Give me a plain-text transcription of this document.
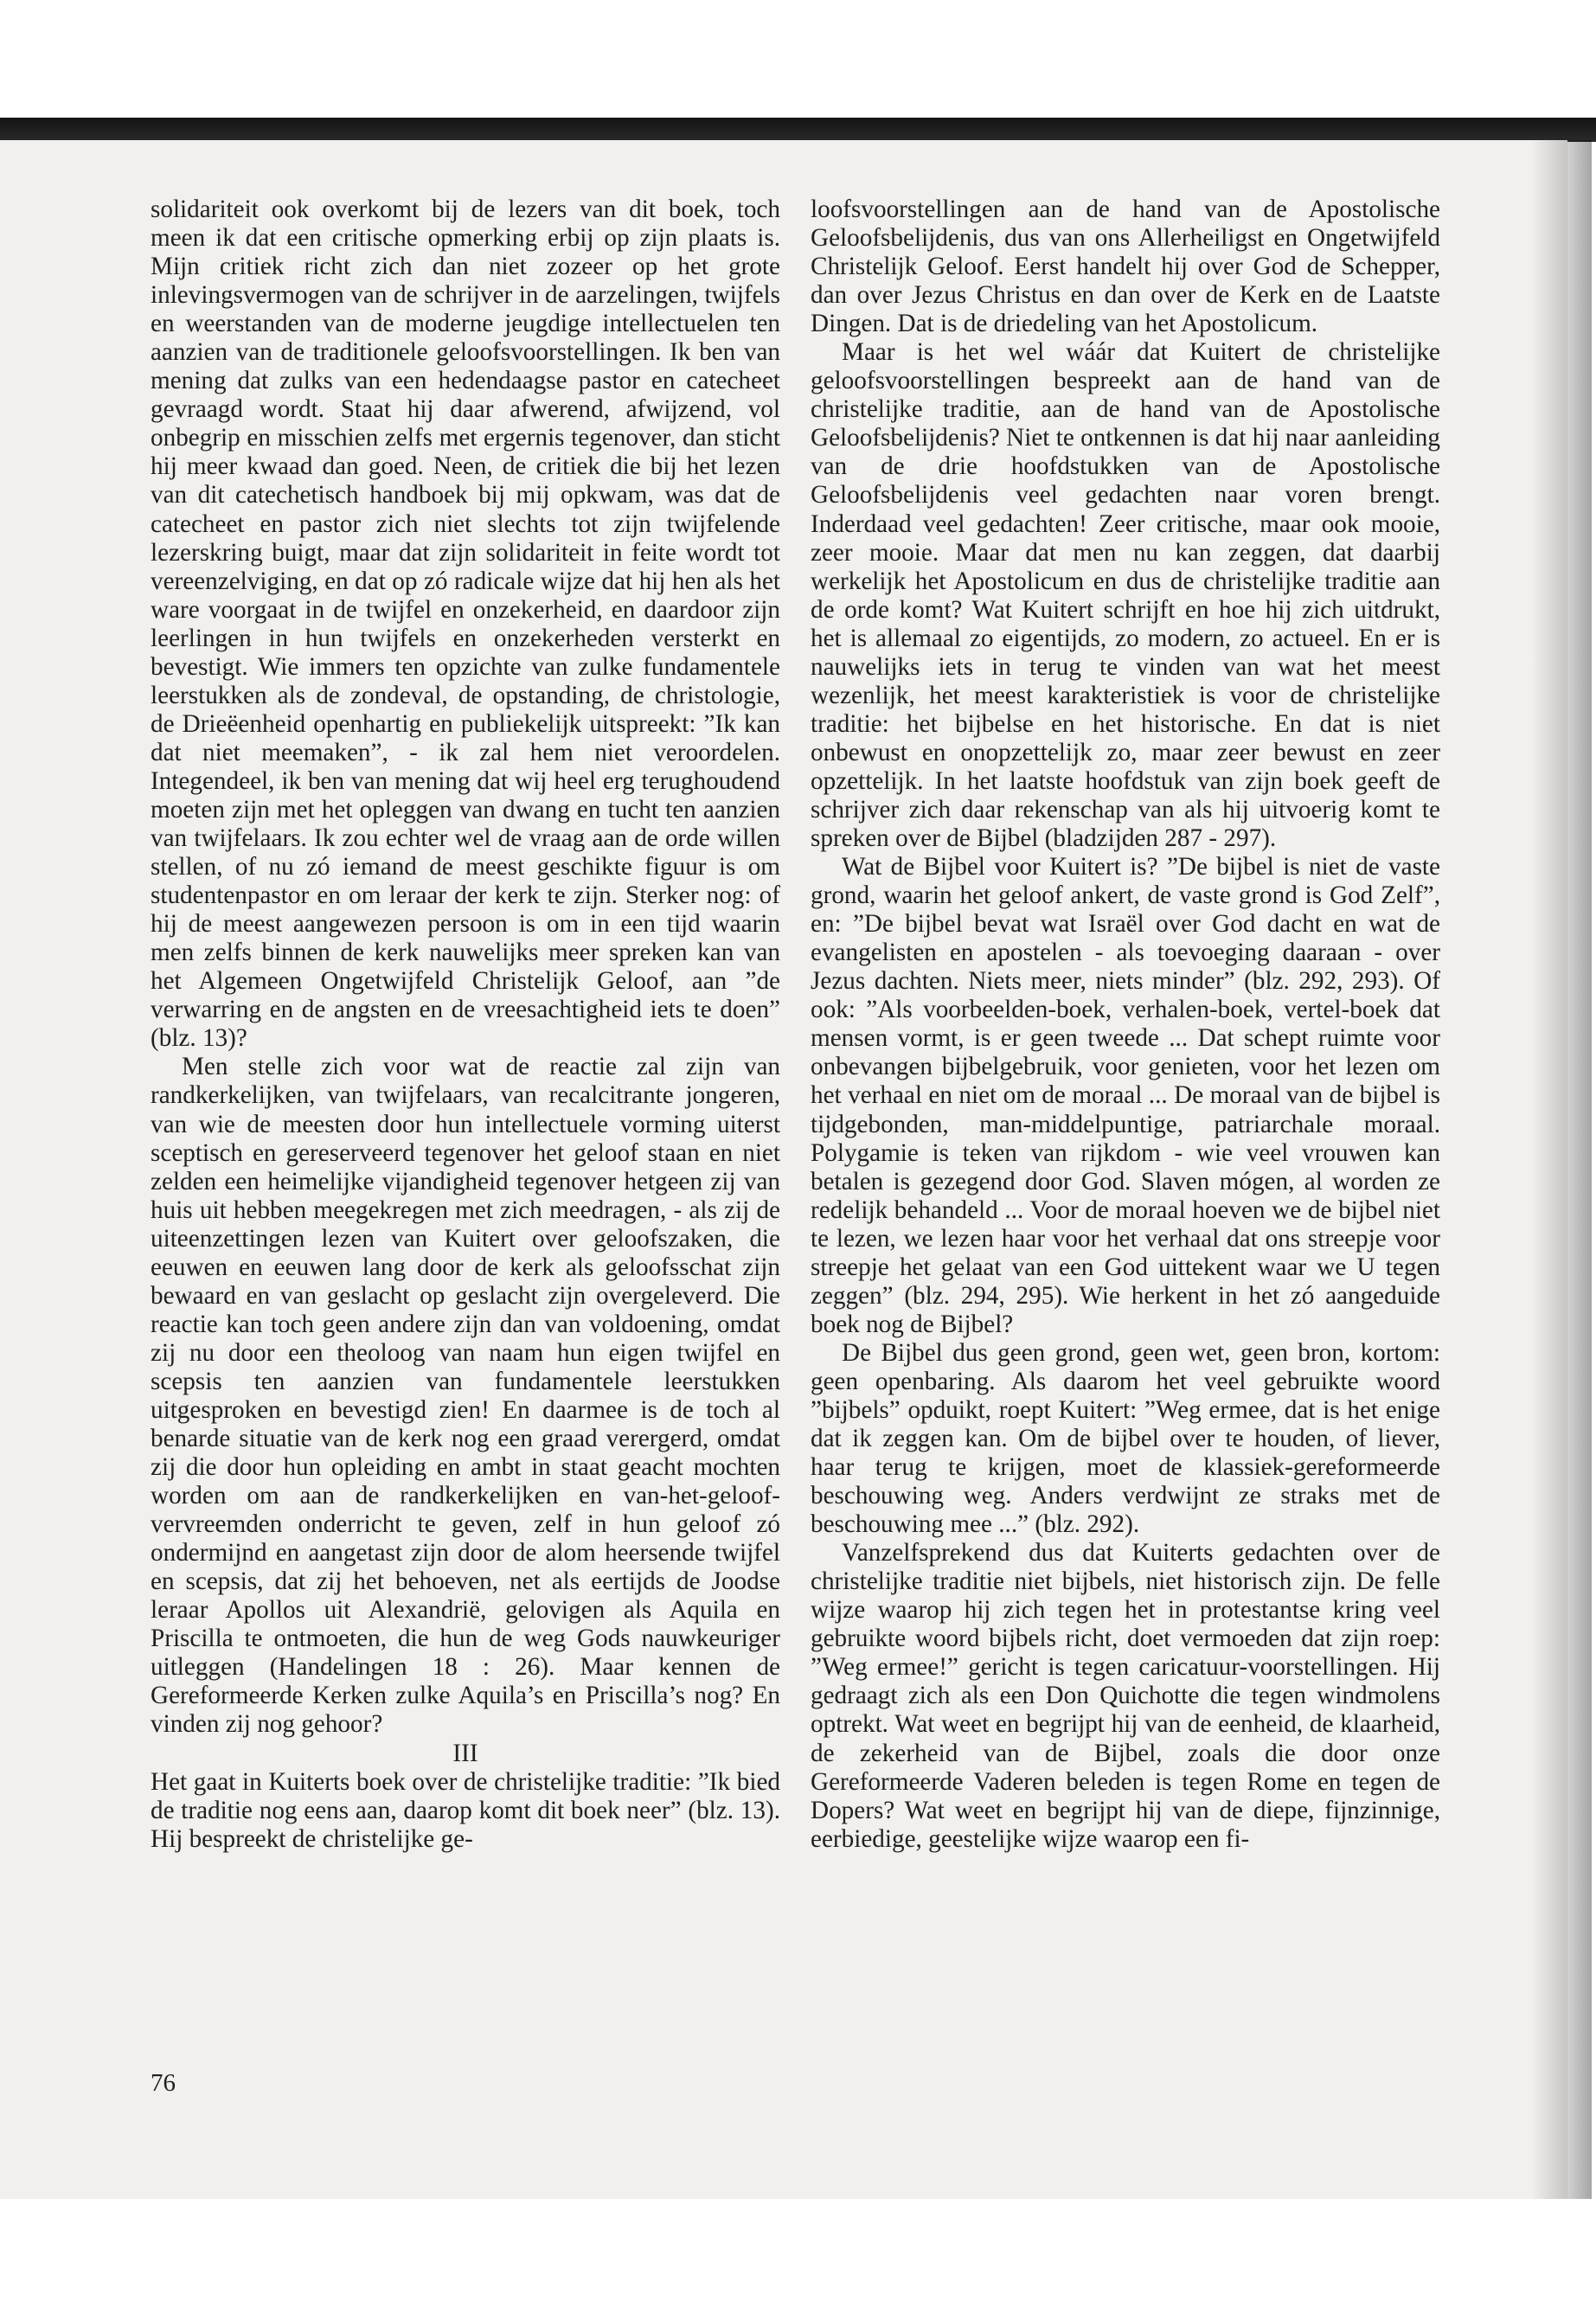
solidariteit ook overkomt bij de lezers van dit boek, toch meen ik dat een critische opmerking erbij op zijn plaats is. Mijn critiek richt zich dan niet zozeer op het grote inlevingsvermogen van de schrijver in de aarzelingen, twijfels en weerstanden van de moderne jeugdige intellectuelen ten aanzien van de traditionele geloofsvoorstellingen. Ik ben van mening dat zulks van een hedendaagse pastor en catecheet gevraagd wordt. Staat hij daar afwerend, afwijzend, vol onbegrip en misschien zelfs met ergernis tegenover, dan sticht hij meer kwaad dan goed. Neen, de critiek die bij het lezen van dit catechetisch handboek bij mij opkwam, was dat de catecheet en pastor zich niet slechts tot zijn twijfelende lezerskring buigt, maar dat zijn solidariteit in feite wordt tot vereenzelviging, en dat op zó radicale wijze dat hij hen als het ware voorgaat in de twijfel en onzekerheid, en daardoor zijn leerlingen in hun twijfels en onzekerheden versterkt en bevestigt. Wie immers ten opzichte van zulke fundamentele leerstukken als de zondeval, de opstanding, de christologie, de Drieëenheid openhartig en publiekelijk uitspreekt: ”Ik kan dat niet meemaken”, - ik zal hem niet veroordelen. Integendeel, ik ben van mening dat wij heel erg terughoudend moeten zijn met het opleggen van dwang en tucht ten aanzien van twijfelaars. Ik zou echter wel de vraag aan de orde willen stellen, of nu zó iemand de meest geschikte figuur is om studentenpastor en om leraar der kerk te zijn. Sterker nog: of hij de meest aangewezen persoon is om in een tijd waarin men zelfs binnen de kerk nauwelijks meer spreken kan van het Algemeen Ongetwijfeld Christelijk Geloof, aan ”de verwarring en de angsten en de vreesachtigheid iets te doen” (blz. 13)?

Men stelle zich voor wat de reactie zal zijn van randkerkelijken, van twijfelaars, van recalcitrante jongeren, van wie de meesten door hun intellectuele vorming uiterst sceptisch en gereserveerd tegenover het geloof staan en niet zelden een heimelijke vijandigheid tegenover hetgeen zij van huis uit hebben meegekregen met zich meedragen, - als zij de uiteenzettingen lezen van Kuitert over geloofszaken, die eeuwen en eeuwen lang door de kerk als geloofsschat zijn bewaard en van geslacht op geslacht zijn overgeleverd. Die reactie kan toch geen andere zijn dan van voldoening, omdat zij nu door een theoloog van naam hun eigen twijfel en scepsis ten aanzien van fundamentele leerstukken uitgesproken en bevestigd zien! En daarmee is de toch al benarde situatie van de kerk nog een graad verergerd, omdat zij die door hun opleiding en ambt in staat geacht mochten worden om aan de randkerkelijken en van-het-geloof-vervreemden onderricht te geven, zelf in hun geloof zó ondermijnd en aangetast zijn door de alom heersende twijfel en scepsis, dat zij het behoeven, net als eertijds de Joodse leraar Apollos uit Alexandrië, gelovigen als Aquila en Priscilla te ontmoeten, die hun de weg Gods nauwkeuriger uitleggen (Handelingen 18 : 26). Maar kennen de Gereformeerde Kerken zulke Aquila’s en Priscilla’s nog? En vinden zij nog gehoor?

III

Het gaat in Kuiterts boek over de christelijke traditie: ”Ik bied de traditie nog eens aan, daarop komt dit boek neer” (blz. 13). Hij bespreekt de christelijke ge-

loofsvoorstellingen aan de hand van de Apostolische Geloofsbelijdenis, dus van ons Allerheiligst en Ongetwijfeld Christelijk Geloof. Eerst handelt hij over God de Schepper, dan over Jezus Christus en dan over de Kerk en de Laatste Dingen. Dat is de driedeling van het Apostolicum.

Maar is het wel wáár dat Kuitert de christelijke geloofsvoorstellingen bespreekt aan de hand van de christelijke traditie, aan de hand van de Apostolische Geloofsbelijdenis? Niet te ontkennen is dat hij naar aanleiding van de drie hoofdstukken van de Apostolische Geloofsbelijdenis veel gedachten naar voren brengt. Inderdaad veel gedachten! Zeer critische, maar ook mooie, zeer mooie. Maar dat men nu kan zeggen, dat daarbij werkelijk het Apostolicum en dus de christelijke traditie aan de orde komt? Wat Kuitert schrijft en hoe hij zich uitdrukt, het is allemaal zo eigentijds, zo modern, zo actueel. En er is nauwelijks iets in terug te vinden van wat het meest wezenlijk, het meest karakteristiek is voor de christelijke traditie: het bijbelse en het historische. En dat is niet onbewust en onopzettelijk zo, maar zeer bewust en zeer opzettelijk. In het laatste hoofdstuk van zijn boek geeft de schrijver zich daar rekenschap van als hij uitvoerig komt te spreken over de Bijbel (bladzijden 287 - 297).

Wat de Bijbel voor Kuitert is? ”De bijbel is niet de vaste grond, waarin het geloof ankert, de vaste grond is God Zelf”, en: ”De bijbel bevat wat Israël over God dacht en wat de evangelisten en apostelen - als toevoeging daaraan - over Jezus dachten. Niets meer, niets minder” (blz. 292, 293). Of ook: ”Als voorbeelden-boek, verhalen-boek, vertel-boek dat mensen vormt, is er geen tweede ... Dat schept ruimte voor onbevangen bijbelgebruik, voor genieten, voor het lezen om het verhaal en niet om de moraal ... De moraal van de bijbel is tijdgebonden, man-middelpuntige, patriarchale moraal. Polygamie is teken van rijkdom - wie veel vrouwen kan betalen is gezegend door God. Slaven mógen, al worden ze redelijk behandeld ... Voor de moraal hoeven we de bijbel niet te lezen, we lezen haar voor het verhaal dat ons streepje voor streepje het gelaat van een God uittekent waar we U tegen zeggen” (blz. 294, 295). Wie herkent in het zó aangeduide boek nog de Bijbel?

De Bijbel dus geen grond, geen wet, geen bron, kortom: geen openbaring. Als daarom het veel gebruikte woord ”bijbels” opduikt, roept Kuitert: ”Weg ermee, dat is het enige dat ik zeggen kan. Om de bijbel over te houden, of liever, haar terug te krijgen, moet de klassiek-gereformeerde beschouwing weg. Anders verdwijnt ze straks met de beschouwing mee ...” (blz. 292).

Vanzelfsprekend dus dat Kuiterts gedachten over de christelijke traditie niet bijbels, niet historisch zijn. De felle wijze waarop hij zich tegen het in protestantse kring veel gebruikte woord bijbels richt, doet vermoeden dat zijn roep: ”Weg ermee!” gericht is tegen caricatuur-voorstellingen. Hij gedraagt zich als een Don Quichotte die tegen windmolens optrekt. Wat weet en begrijpt hij van de eenheid, de klaarheid, de zekerheid van de Bijbel, zoals die door onze Gereformeerde Vaderen beleden is tegen Rome en tegen de Dopers? Wat weet en begrijpt hij van de diepe, fijnzinnige, eerbiedige, geestelijke wijze waarop een fi-

76
